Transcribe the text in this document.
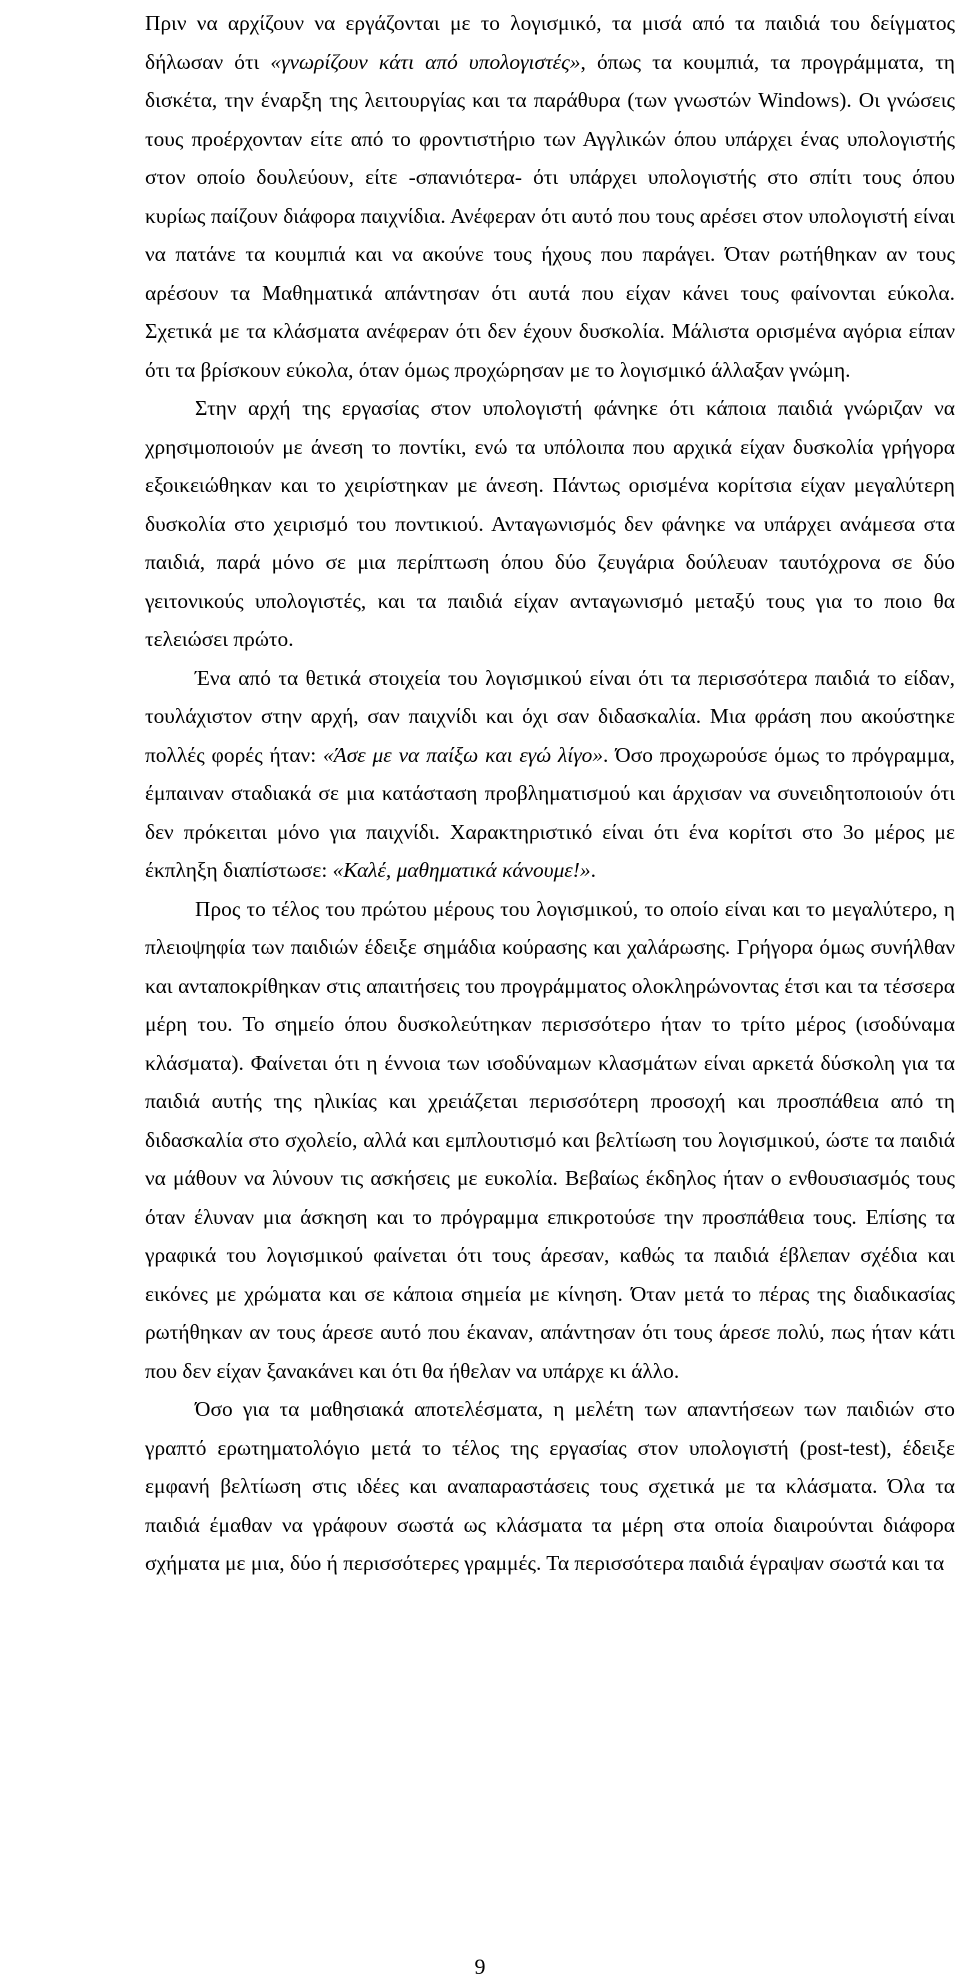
Πριν να αρχίζουν να εργάζονται με το λογισμικό, τα μισά από τα παιδιά του δείγματος δήλωσαν ότι «γνωρίζουν κάτι από υπολογιστές», όπως τα κουμπιά, τα προγράμματα, τη δισκέτα, την έναρξη της λειτουργίας και τα παράθυρα (των γνωστών Windows). Οι γνώσεις τους προέρχονταν είτε από το φροντιστήριο των Αγγλικών όπου υπάρχει ένας υπολογιστής στον οποίο δουλεύουν, είτε -σπανιότερα- ότι υπάρχει υπολογιστής στο σπίτι τους όπου κυρίως παίζουν διάφορα παιχνίδια. Ανέφεραν ότι αυτό που τους αρέσει στον υπολογιστή είναι να πατάνε τα κουμπιά και να ακούνε τους ήχους που παράγει. Όταν ρωτήθηκαν αν τους αρέσουν τα Μαθηματικά απάντησαν ότι αυτά που είχαν κάνει τους φαίνονται εύκολα. Σχετικά με τα κλάσματα ανέφεραν ότι δεν έχουν δυσκολία. Μάλιστα ορισμένα αγόρια είπαν ότι τα βρίσκουν εύκολα, όταν όμως προχώρησαν με το λογισμικό άλλαξαν γνώμη.

Στην αρχή της εργασίας στον υπολογιστή φάνηκε ότι κάποια παιδιά γνώριζαν να χρησιμοποιούν με άνεση το ποντίκι, ενώ τα υπόλοιπα που αρχικά είχαν δυσκολία γρήγορα εξοικειώθηκαν και το χειρίστηκαν με άνεση. Πάντως ορισμένα κορίτσια είχαν μεγαλύτερη δυσκολία στο χειρισμό του ποντικιού. Ανταγωνισμός δεν φάνηκε να υπάρχει ανάμεσα στα παιδιά, παρά μόνο σε μια περίπτωση όπου δύο ζευγάρια δούλευαν ταυτόχρονα σε δύο γειτονικούς υπολογιστές, και τα παιδιά είχαν ανταγωνισμό μεταξύ τους για το ποιο θα τελειώσει πρώτο.

Ένα από τα θετικά στοιχεία του λογισμικού είναι ότι τα περισσότερα παιδιά το είδαν, τουλάχιστον στην αρχή, σαν παιχνίδι και όχι σαν διδασκαλία. Μια φράση που ακούστηκε πολλές φορές ήταν: «Άσε με να παίξω και εγώ λίγο». Όσο προχωρούσε όμως το πρόγραμμα, έμπαιναν σταδιακά σε μια κατάσταση προβληματισμού και άρχισαν να συνειδητοποιούν ότι δεν πρόκειται μόνο για παιχνίδι. Χαρακτηριστικό είναι ότι ένα κορίτσι στο 3ο μέρος με έκπληξη διαπίστωσε: «Καλέ, μαθηματικά κάνουμε!».

Προς το τέλος του πρώτου μέρους του λογισμικού, το οποίο είναι και το μεγαλύτερο, η πλειοψηφία των παιδιών έδειξε σημάδια κούρασης και χαλάρωσης. Γρήγορα όμως συνήλθαν και ανταποκρίθηκαν στις απαιτήσεις του προγράμματος ολοκληρώνοντας έτσι και τα τέσσερα μέρη του. Το σημείο όπου δυσκολεύτηκαν περισσότερο ήταν το τρίτο μέρος (ισοδύναμα κλάσματα). Φαίνεται ότι η έννοια των ισοδύναμων κλασμάτων είναι αρκετά δύσκολη για τα παιδιά αυτής της ηλικίας και χρειάζεται περισσότερη προσοχή και προσπάθεια από τη διδασκαλία στο σχολείο, αλλά και εμπλουτισμό και βελτίωση του λογισμικού, ώστε τα παιδιά να μάθουν να λύνουν τις ασκήσεις με ευκολία. Βεβαίως έκδηλος ήταν ο ενθουσιασμός τους όταν έλυναν μια άσκηση και το πρόγραμμα επικροτούσε την προσπάθεια τους. Επίσης τα γραφικά του λογισμικού φαίνεται ότι τους άρεσαν, καθώς τα παιδιά έβλεπαν σχέδια και εικόνες με χρώματα και σε κάποια σημεία με κίνηση. Όταν μετά το πέρας της διαδικασίας ρωτήθηκαν αν τους άρεσε αυτό που έκαναν, απάντησαν ότι τους άρεσε πολύ, πως ήταν κάτι που δεν είχαν ξανακάνει και ότι θα ήθελαν να υπάρχε κι άλλο.

Όσο για τα μαθησιακά αποτελέσματα, η μελέτη των απαντήσεων των παιδιών στο γραπτό ερωτηματολόγιο μετά το τέλος της εργασίας στον υπολογιστή (post-test), έδειξε εμφανή βελτίωση στις ιδέες και αναπαραστάσεις τους σχετικά με τα κλάσματα. Όλα τα παιδιά έμαθαν να γράφουν σωστά ως κλάσματα τα μέρη στα οποία διαιρούνται διάφορα σχήματα με μια, δύο ή περισσότερες γραμμές. Τα περισσότερα παιδιά έγραψαν σωστά και τα

9
